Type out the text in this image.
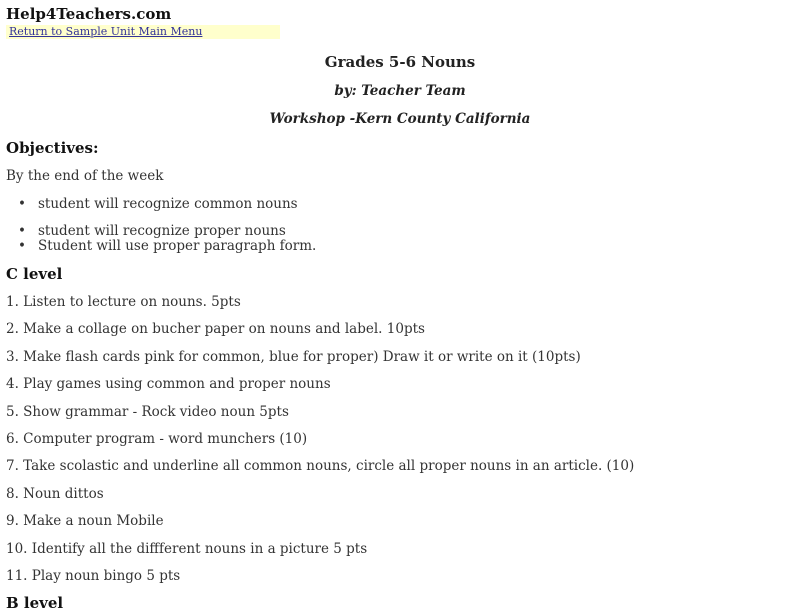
Help4Teachers.com
Return to Sample Unit Main Menu
Grades 5-6 Nouns
by: Teacher Team
Workshop -Kern County California
Objectives:

By the end of the week

student will recognize common nouns
student will recognize proper nouns
Student will use proper paragraph form.
C level

1. Listen to lecture on nouns. 5pts

2. Make a collage on bucher paper on nouns and label. 10pts

3. Make flash cards pink for common, blue for proper) Draw it or write on it (10pts)

4. Play games using common and proper nouns

5. Show grammar - Rock video noun 5pts

6. Computer program - word munchers (10)

7. Take scolastic and underline all common nouns, circle all proper nouns in an article. (10)

8. Noun dittos

9. Make a noun Mobile

10. Identify all the diffferent nouns in a picture 5 pts

11. Play noun bingo 5 pts

B level
